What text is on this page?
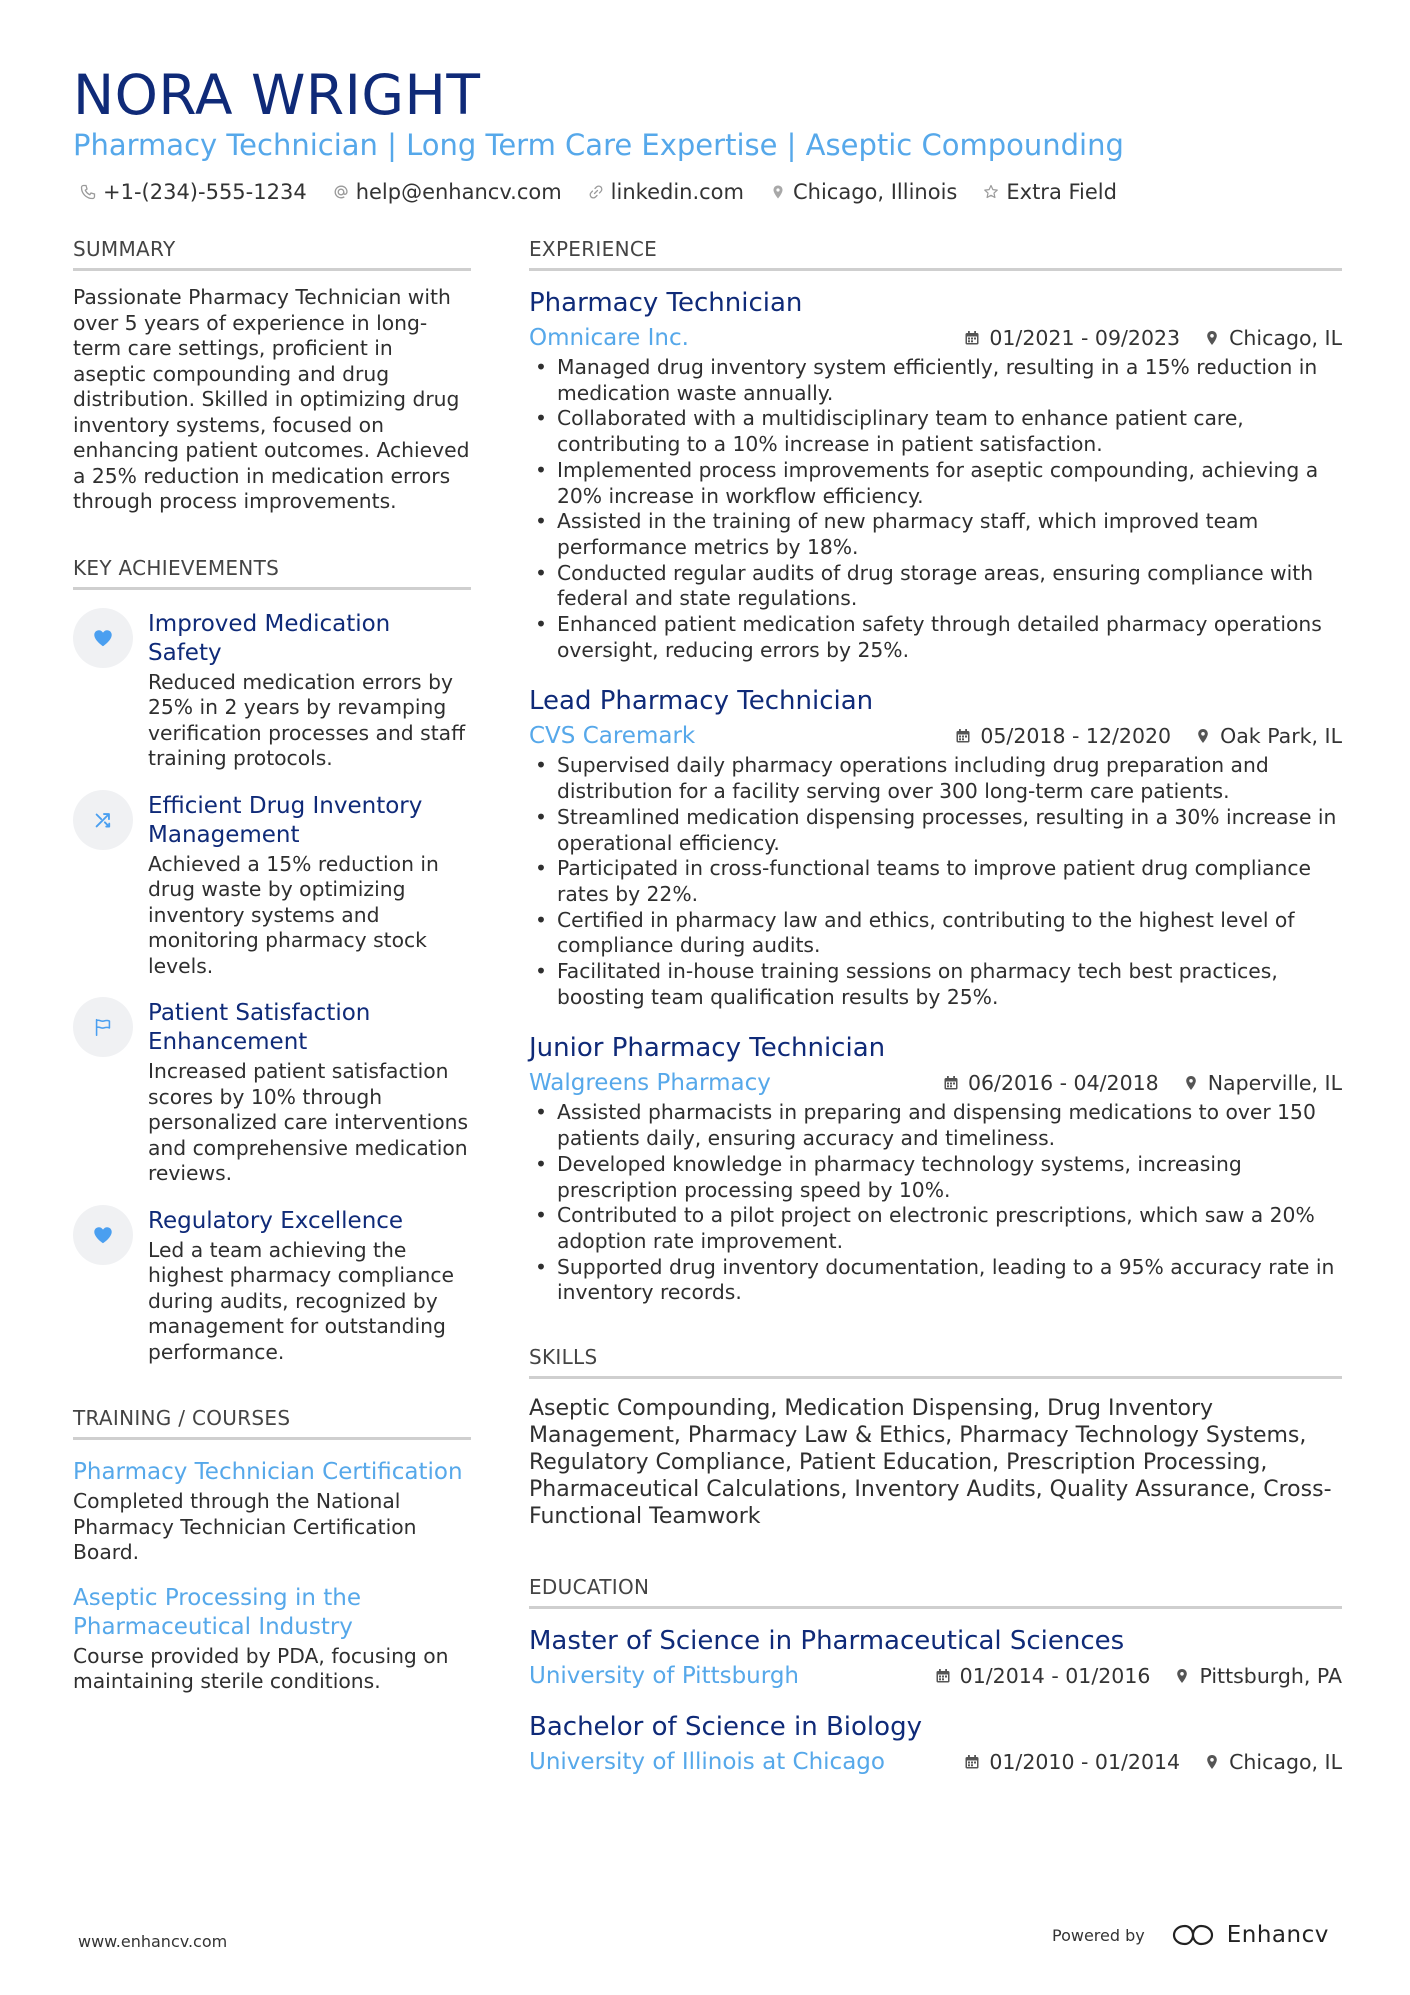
NORA WRIGHT
Pharmacy Technician | Long Term Care Expertise | Aseptic Compounding
+1-(234)-555-1234 help@enhancv.com linkedin.com Chicago, Illinois Extra Field
SUMMARY

Passionate Pharmacy Technician with over 5 years of experience in long-term care settings, proficient in aseptic compounding and drug distribution. Skilled in optimizing drug inventory systems, focused on enhancing patient outcomes. Achieved a 25% reduction in medication errors through process improvements.

KEY ACHIEVEMENTS
Improved Medication Safety
Reduced medication errors by 25% in 2 years by revamping verification processes and staff training protocols.
Efficient Drug Inventory Management
Achieved a 15% reduction in drug waste by optimizing inventory systems and monitoring pharmacy stock levels.
Patient Satisfaction Enhancement
Increased patient satisfaction scores by 10% through personalized care interventions and comprehensive medication reviews.
Regulatory Excellence
Led a team achieving the highest pharmacy compliance during audits, recognized by management for outstanding performance.
TRAINING / COURSES
Pharmacy Technician Certification
Completed through the National Pharmacy Technician Certification Board.
Aseptic Processing in the Pharmaceutical Industry
Course provided by PDA, focusing on maintaining sterile conditions.
EXPERIENCE
Pharmacy Technician
Omnicare Inc.	01/2021 - 09/2023 Chicago, IL
• Managed drug inventory system efficiently, resulting in a 15% reduction in medication waste annually.
• Collaborated with a multidisciplinary team to enhance patient care, contributing to a 10% increase in patient satisfaction.
• Implemented process improvements for aseptic compounding, achieving a 20% increase in workflow efficiency.
• Assisted in the training of new pharmacy staff, which improved team performance metrics by 18%.
• Conducted regular audits of drug storage areas, ensuring compliance with federal and state regulations.
• Enhanced patient medication safety through detailed pharmacy operations oversight, reducing errors by 25%.
Lead Pharmacy Technician
CVS Caremark	05/2018 - 12/2020 Oak Park, IL
• Supervised daily pharmacy operations including drug preparation and distribution for a facility serving over 300 long-term care patients.
• Streamlined medication dispensing processes, resulting in a 30% increase in operational efficiency.
• Participated in cross-functional teams to improve patient drug compliance rates by 22%.
• Certified in pharmacy law and ethics, contributing to the highest level of compliance during audits.
• Facilitated in-house training sessions on pharmacy tech best practices, boosting team qualification results by 25%.
Junior Pharmacy Technician
Walgreens Pharmacy	06/2016 - 04/2018 Naperville, IL
• Assisted pharmacists in preparing and dispensing medications to over 150 patients daily, ensuring accuracy and timeliness.
• Developed knowledge in pharmacy technology systems, increasing prescription processing speed by 10%.
• Contributed to a pilot project on electronic prescriptions, which saw a 20% adoption rate improvement.
• Supported drug inventory documentation, leading to a 95% accuracy rate in inventory records.
SKILLS

Aseptic Compounding, Medication Dispensing, Drug Inventory Management, Pharmacy Law & Ethics, Pharmacy Technology Systems, Regulatory Compliance, Patient Education, Prescription Processing, Pharmaceutical Calculations, Inventory Audits, Quality Assurance, Cross-Functional Teamwork

EDUCATION
Master of Science in Pharmaceutical Sciences
University of Pittsburgh	01/2014 - 01/2016 Pittsburgh, PA
Bachelor of Science in Biology
University of Illinois at Chicago	01/2010 - 01/2014 Chicago, IL
www.enhancv.com	Powered by	Enhancv
